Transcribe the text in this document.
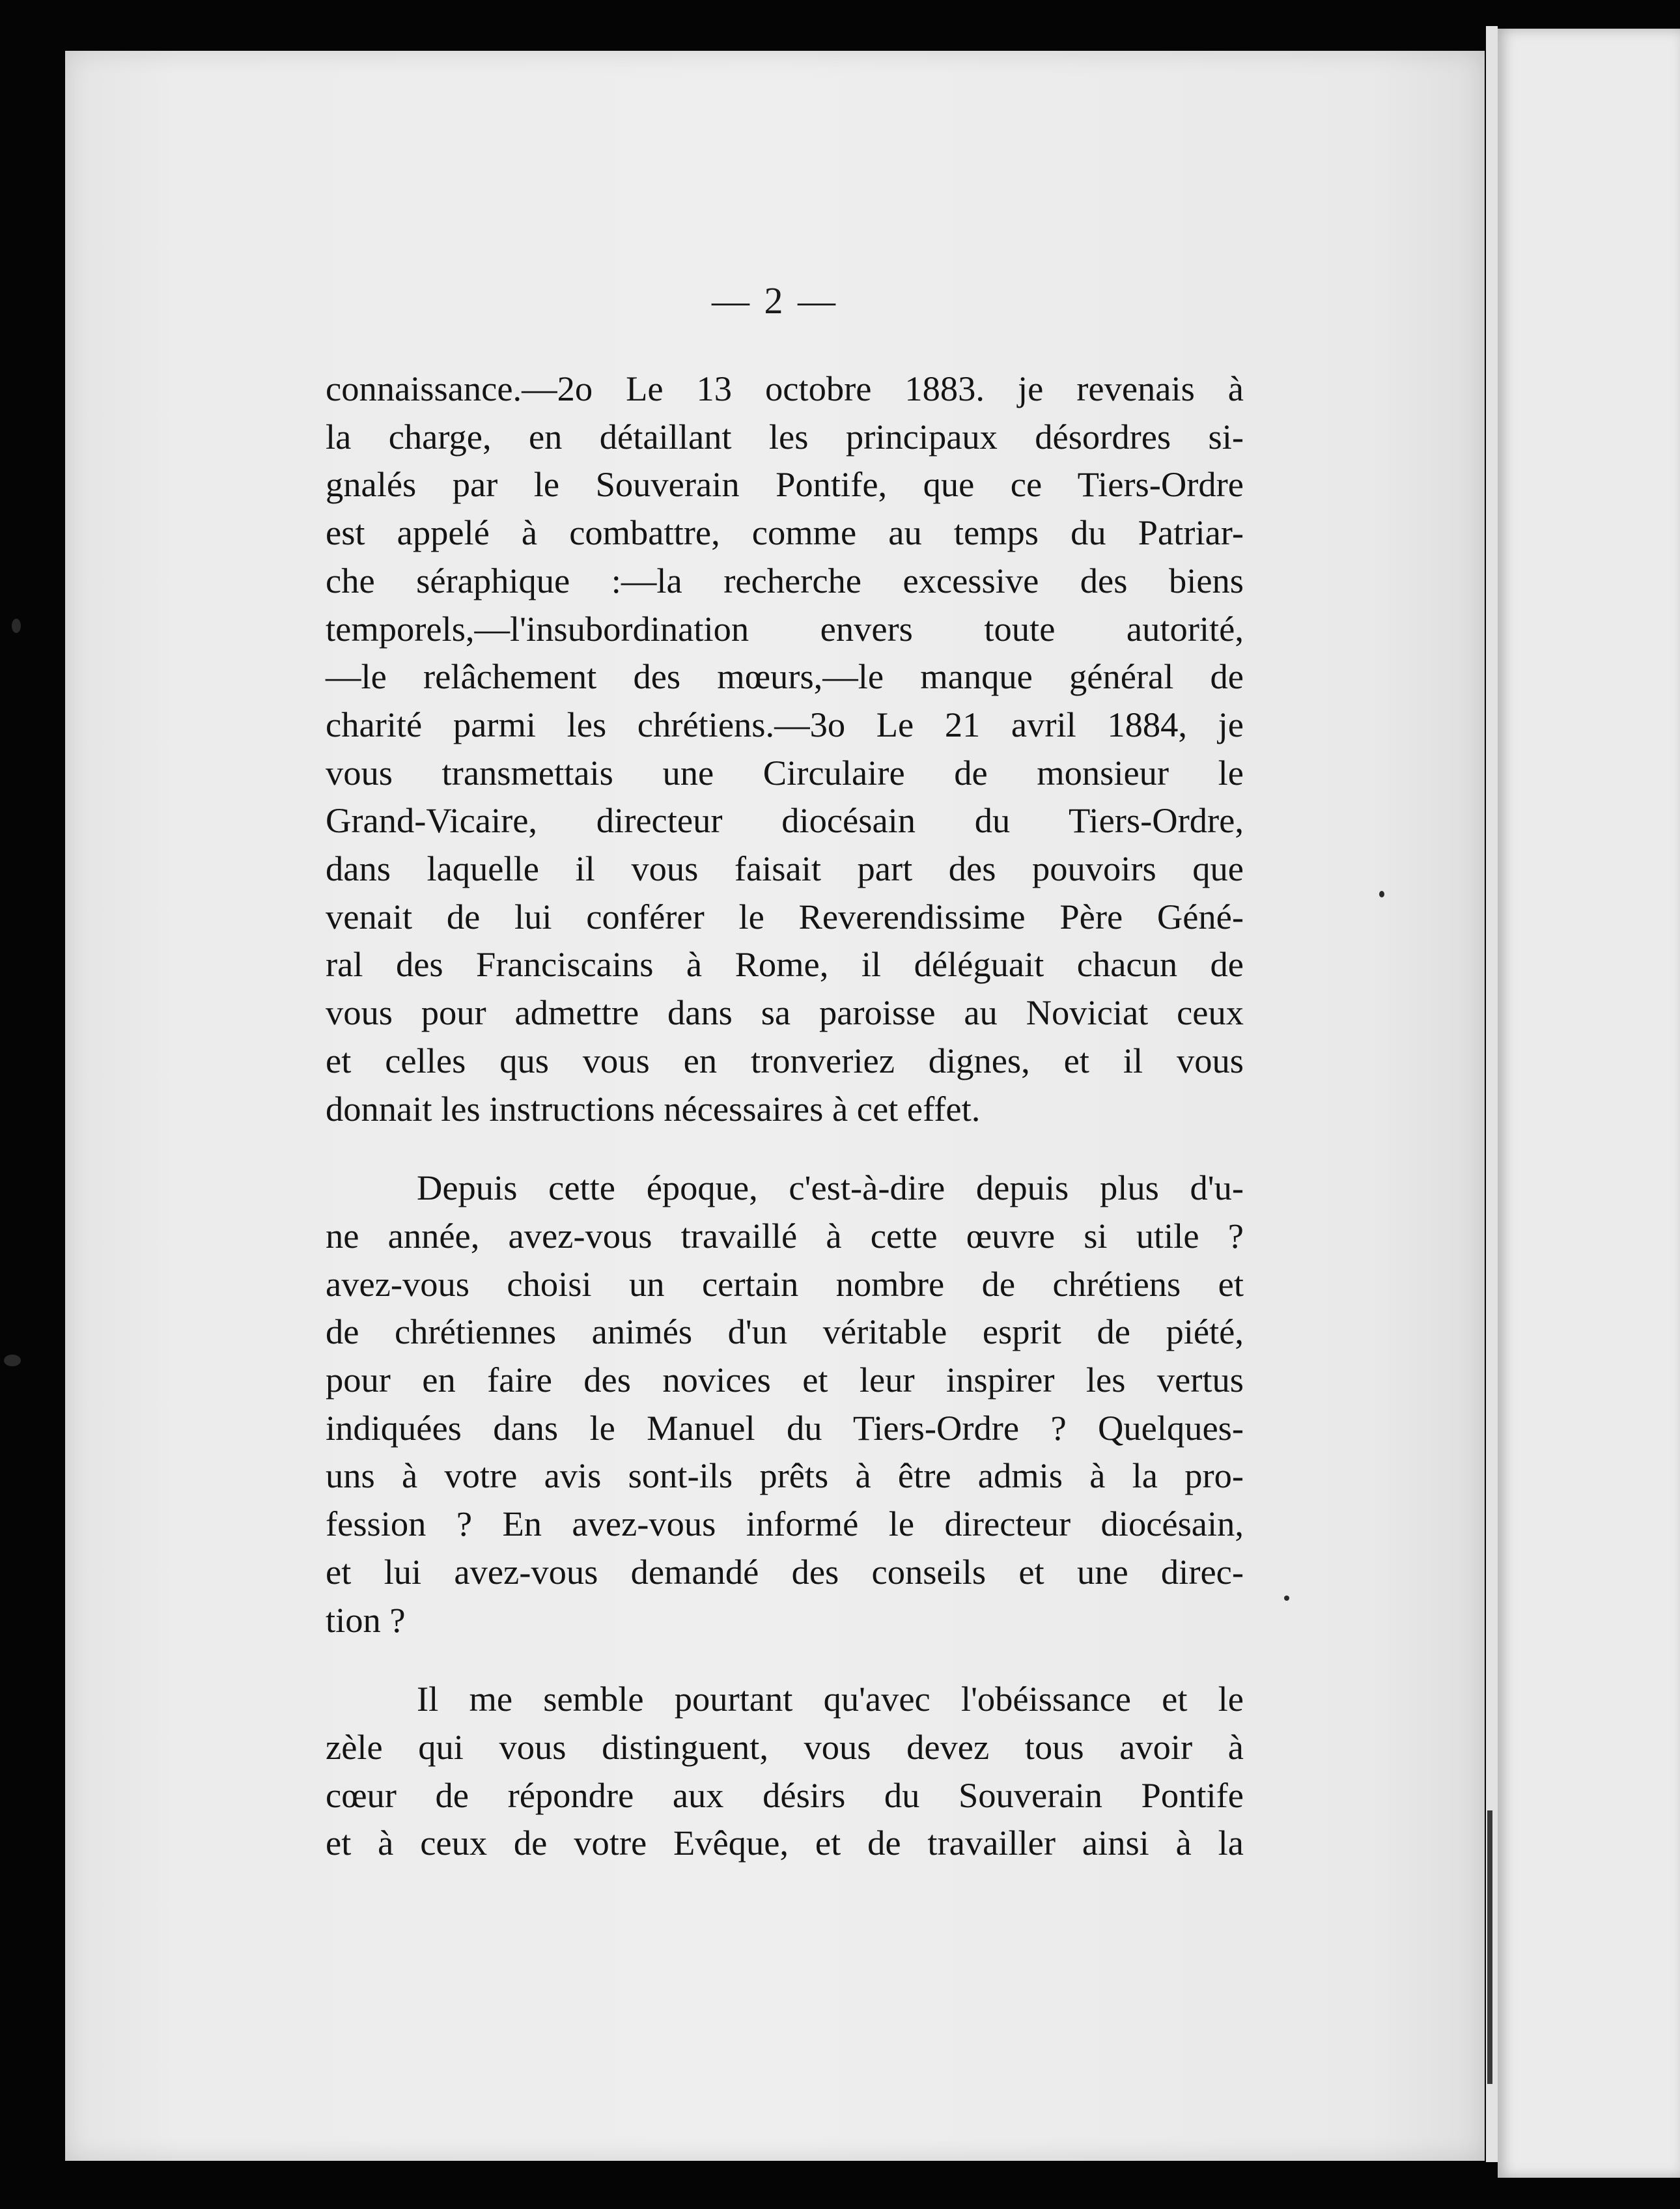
— 2 —

connaissance.—2o Le 13 octobre 1883. je revenais à

la charge, en détaillant les principaux désordres si-

gnalés par le Souverain Pontife, que ce Tiers-Ordre

est appelé à combattre, comme au temps du Patriar-

che séraphique :—la recherche excessive des biens

temporels,—l'insubordination envers toute autorité,

—le relâchement des mœurs,—le manque général de

charité parmi les chrétiens.—3o Le 21 avril 1884, je

vous transmettais une Circulaire de monsieur le

Grand-Vicaire, directeur diocésain du Tiers-Ordre,

dans laquelle il vous faisait part des pouvoirs que

venait de lui conférer le Reverendissime Père Géné-

ral des Franciscains à Rome, il déléguait chacun de

vous pour admettre dans sa paroisse au Noviciat ceux

et celles qus vous en tronveriez dignes, et il vous

donnait les instructions nécessaires à cet effet.

Depuis cette époque, c'est-à-dire depuis plus d'u-

ne année, avez-vous travaillé à cette œuvre si utile ?

avez-vous choisi un certain nombre de chrétiens et

de chrétiennes animés d'un véritable esprit de piété,

pour en faire des novices et leur inspirer les vertus

indiquées dans le Manuel du Tiers-Ordre ? Quelques-

uns à votre avis sont-ils prêts à être admis à la pro-

fession ? En avez-vous informé le directeur diocésain,

et lui avez-vous demandé des conseils et une direc-

tion ?

Il me semble pourtant qu'avec l'obéissance et le

zèle qui vous distinguent, vous devez tous avoir à

cœur de répondre aux désirs du Souverain Pontife

et à ceux de votre Evêque, et de travailler ainsi à la
